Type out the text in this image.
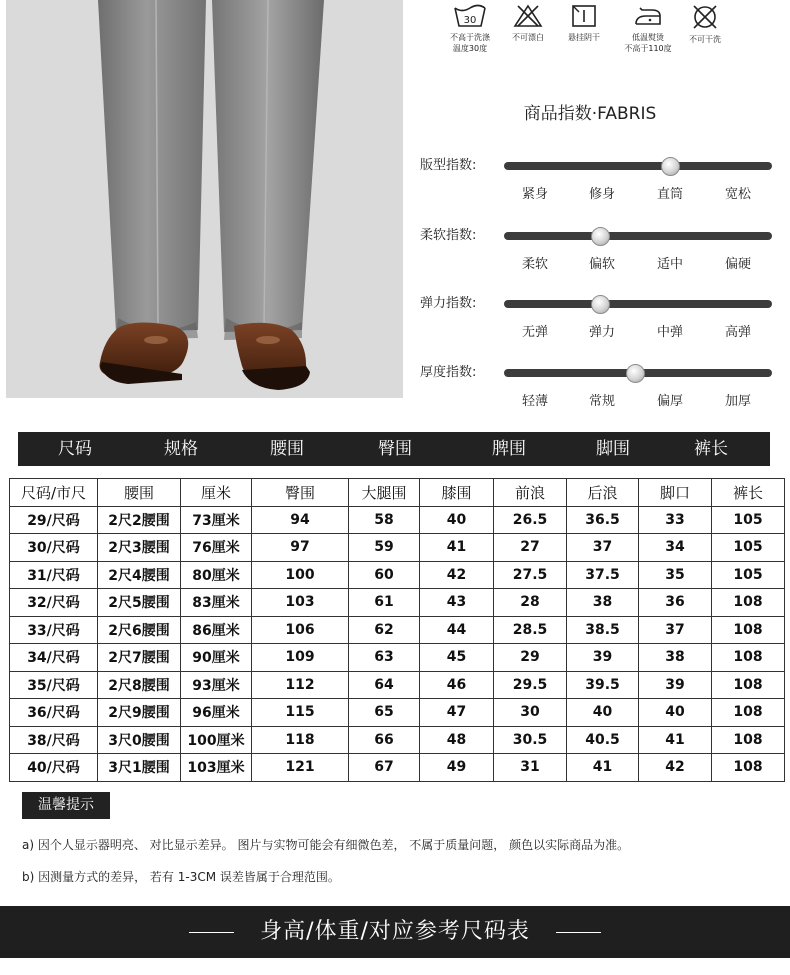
30
不高于洗涤
温度30度
不可漂白	悬挂阴干	低温熨烫
不高于110度
不可干洗
商品指数·FABRIS
版型指数:
紧身	修身	直筒	宽松
柔软指数:
柔软	偏软	适中	偏硬
弹力指数:
无弹	弹力	中弹	高弹
厚度指数:
轻薄	常规	偏厚	加厚
尺码	规格	腰围	臀围	脾围	脚围	裤长
尺码/市尺	腰围	厘米	臀围	大腿围	膝围	前浪	后浪	脚口	裤长
29/尺码	2尺2腰围	73厘米	94	58	40	26.5	36.5	33	105
30/尺码	2尺3腰围	76厘米	97	59	41	27	37	34	105
31/尺码	2尺4腰围	80厘米	100	60	42	27.5	37.5	35	105
32/尺码	2尺5腰围	83厘米	103	61	43	28	38	36	108
33/尺码	2尺6腰围	86厘米	106	62	44	28.5	38.5	37	108
34/尺码	2尺7腰围	90厘米	109	63	45	29	39	38	108
35/尺码	2尺8腰围	93厘米	112	64	46	29.5	39.5	39	108
36/尺码	2尺9腰围	96厘米	115	65	47	30	40	40	108
38/尺码	3尺0腰围	100厘米	118	66	48	30.5	40.5	41	108
40/尺码	3尺1腰围	103厘米	121	67	49	31	41	42	108
温馨提示
a) 因个人显示器明亮、 对比显示差异。 图片与实物可能会有细微色差， 不属于质量问题， 颜色以实际商品为准。
b) 因测量方式的差异， 若有 1-3CM 误差皆属于合理范围。
身高/体重/对应参考尺码表
